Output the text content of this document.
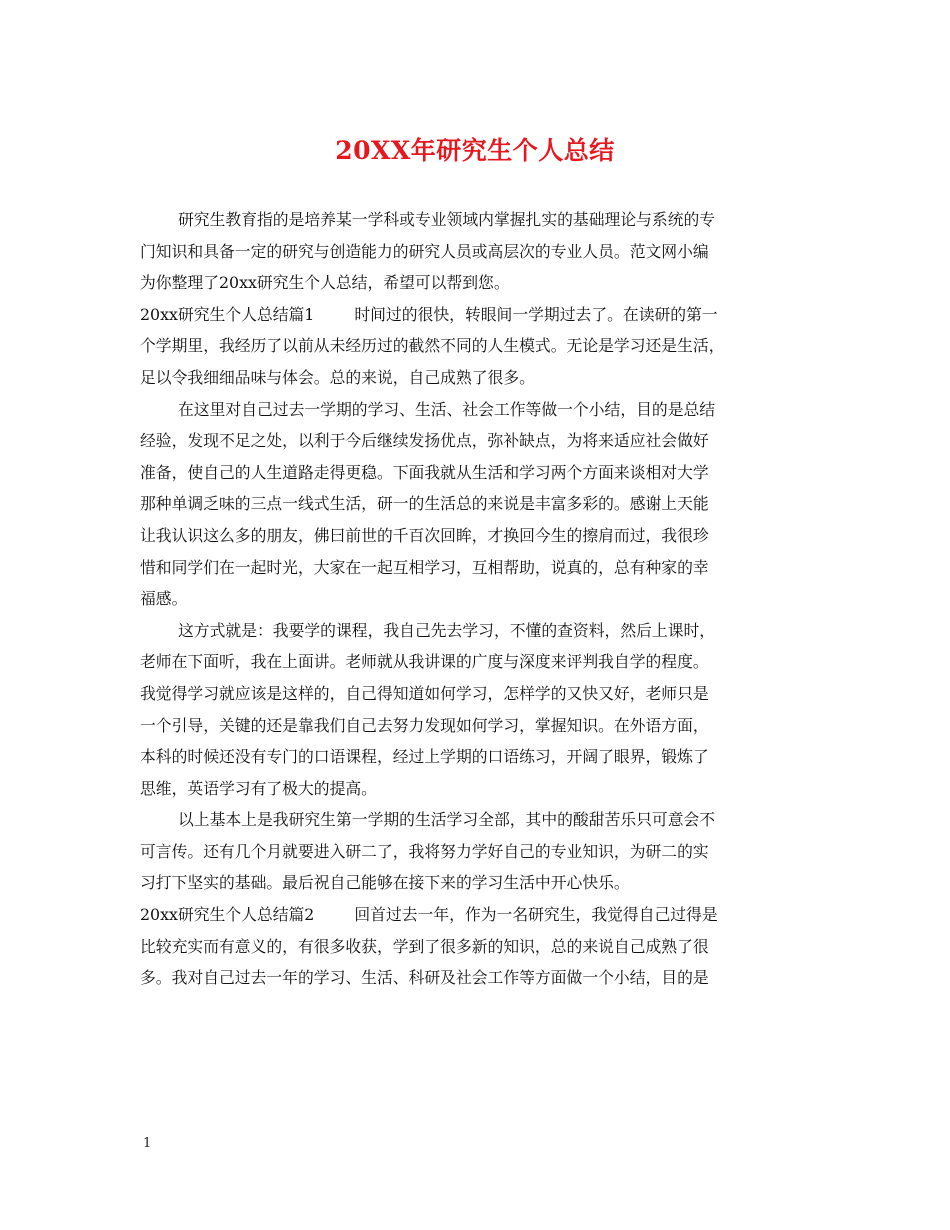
20XX年研究生个人总结
研究生教育指的是培养某一学科或专业领域内掌握扎实的基础理论与系统的专
门知识和具备一定的研究与创造能力的研究人员或高层次的专业人员。范文网小编
为你整理了20xx研究生个人总结，希望可以帮到您。
20xx研究生个人总结篇1	时间过的很快，转眼间一学期过去了。在读研的第一
个学期里，我经历了以前从未经历过的截然不同的人生模式。无论是学习还是生活，
足以令我细细品味与体会。总的来说，自己成熟了很多。
在这里对自己过去一学期的学习、生活、社会工作等做一个小结，目的是总结
经验，发现不足之处，以利于今后继续发扬优点，弥补缺点，为将来适应社会做好
准备，使自己的人生道路走得更稳。下面我就从生活和学习两个方面来谈相对大学
那种单调乏味的三点一线式生活，研一的生活总的来说是丰富多彩的。感谢上天能
让我认识这么多的朋友，佛曰前世的千百次回眸，才换回今生的擦肩而过，我很珍
惜和同学们在一起时光，大家在一起互相学习，互相帮助，说真的，总有种家的幸
福感。
这方式就是：我要学的课程，我自己先去学习，不懂的查资料，然后上课时，
老师在下面听，我在上面讲。老师就从我讲课的广度与深度来评判我自学的程度。
我觉得学习就应该是这样的，自己得知道如何学习，怎样学的又快又好，老师只是
一个引导，关键的还是靠我们自己去努力发现如何学习，掌握知识。在外语方面，
本科的时候还没有专门的口语课程，经过上学期的口语练习，开阔了眼界，锻炼了
思维，英语学习有了极大的提高。
以上基本上是我研究生第一学期的生活学习全部，其中的酸甜苦乐只可意会不
可言传。还有几个月就要进入研二了，我将努力学好自己的专业知识，为研二的实
习打下坚实的基础。最后祝自己能够在接下来的学习生活中开心快乐。
20xx研究生个人总结篇2	回首过去一年，作为一名研究生，我觉得自己过得是
比较充实而有意义的，有很多收获，学到了很多新的知识，总的来说自己成熟了很
多。我对自己过去一年的学习、生活、科研及社会工作等方面做一个小结，目的是
1
